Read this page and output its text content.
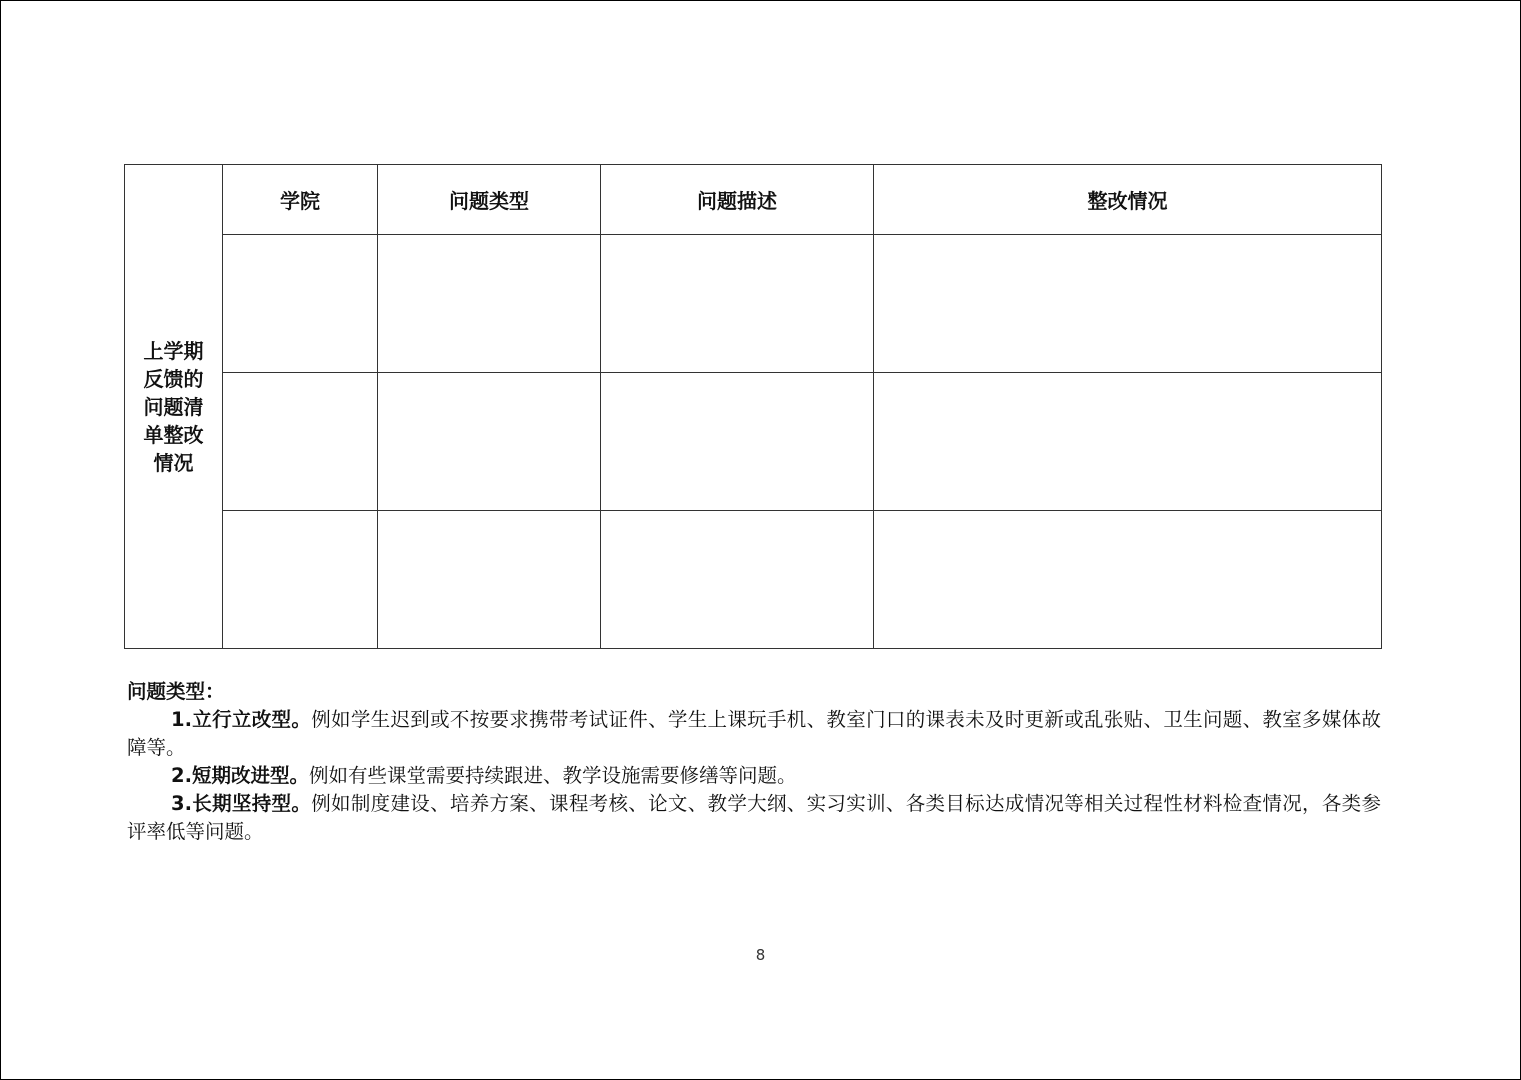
上学期反馈的问题清单整改情况	学院	问题类型	问题描述	整改情况

问题类型：

1.立行立改型。例如学生迟到或不按要求携带考试证件、学生上课玩手机、教室门口的课表未及时更新或乱张贴、卫生问题、教室多媒体故障等。

2.短期改进型。例如有些课堂需要持续跟进、教学设施需要修缮等问题。

3.长期坚持型。例如制度建设、培养方案、课程考核、论文、教学大纲、实习实训、各类目标达成情况等相关过程性材料检查情况，各类参评率低等问题。

8
